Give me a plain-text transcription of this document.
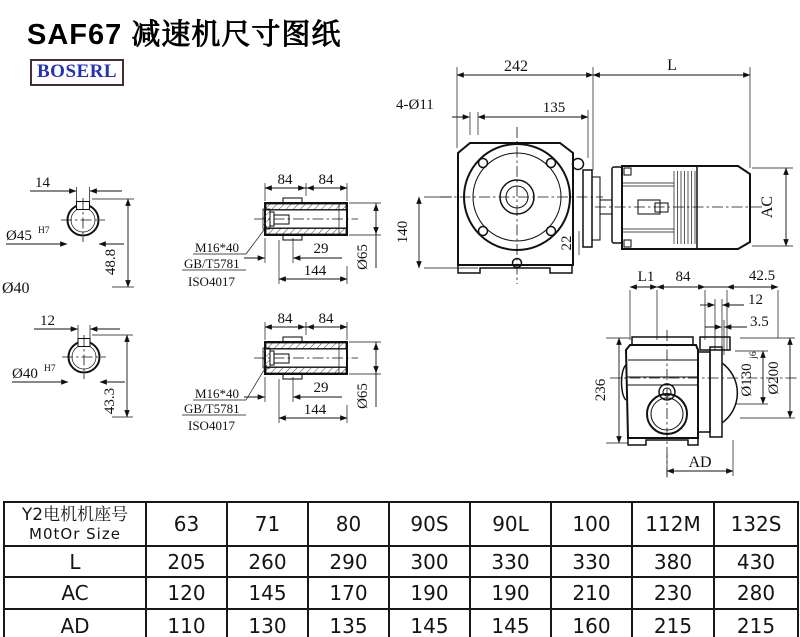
SAF67 减速机尺寸图纸
BOSERL
14
Ø45 H7
48.8
Ø40
12
Ø40 H7
43.3
84 84
29
144
Ø65
M16*40
GB/T5781
ISO4017
84 84
29
144
Ø65
M16*40
GB/T5781
ISO4017
242	L
4-Ø11	135
22
140
AC
L1 84	42.5
12
3.5
236	Ø130
j6
Ø200
AD
Y2电机机座号
M0tOr Size	63	71	80	90S	90L	100	112M	132S
L	205	260	290	300	330	330	380	430
AC	120	145	170	190	190	210	230	280
AD	110	130	135	145	145	160	215	215
